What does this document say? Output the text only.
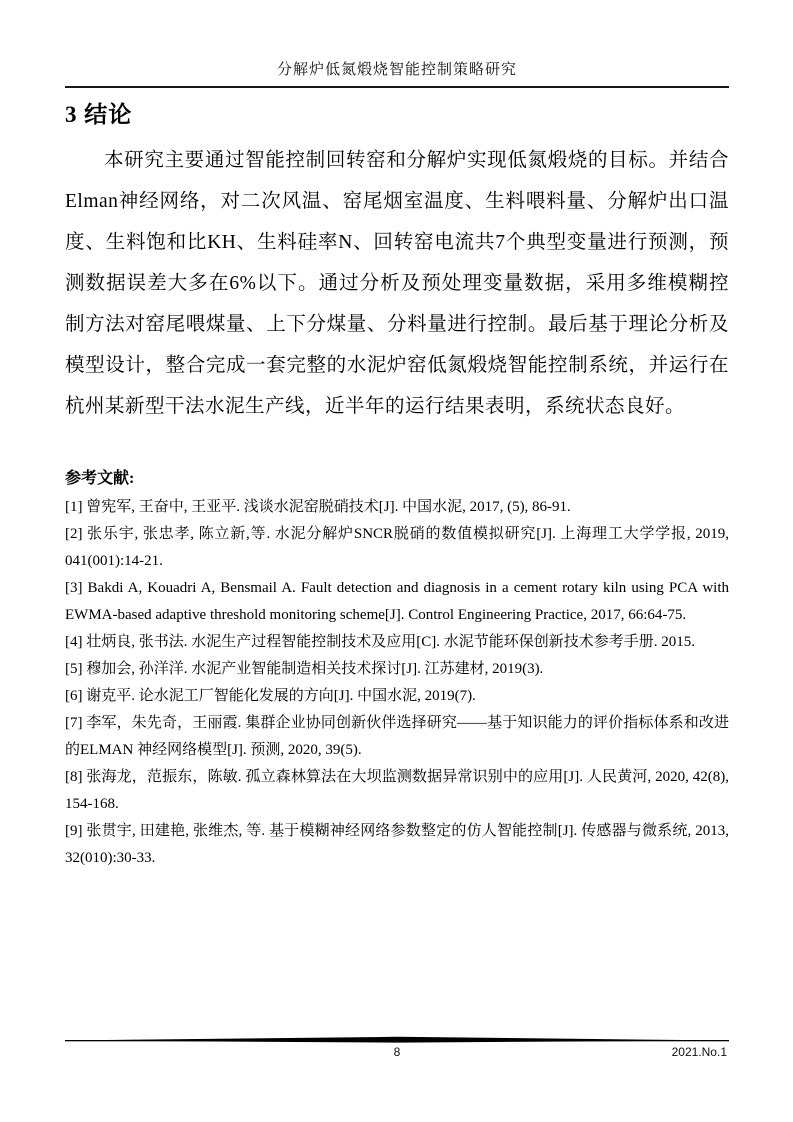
分解炉低氮煅烧智能控制策略研究
3 结论

本研究主要通过智能控制回转窑和分解炉实现低氮煅烧的目标。并结合Elman神经网络，对二次风温、窑尾烟室温度、生料喂料量、分解炉出口温度、生料饱和比KH、生料硅率N、回转窑电流共7个典型变量进行预测，预测数据误差大多在6%以下。通过分析及预处理变量数据，采用多维模糊控制方法对窑尾喂煤量、上下分煤量、分料量进行控制。最后基于理论分析及模型设计，整合完成一套完整的水泥炉窑低氮煅烧智能控制系统，并运行在杭州某新型干法水泥生产线，近半年的运行结果表明，系统状态良好。

参考文献:
[1] 曾宪军, 王奋中, 王亚平. 浅谈水泥窑脱硝技术[J]. 中国水泥, 2017, (5), 86-91.
[2] 张乐宇, 张忠孝, 陈立新,等. 水泥分解炉SNCR脱硝的数值模拟研究[J]. 上海理工大学学报, 2019, 041(001):14-21.
[3] Bakdi A, Kouadri A, Bensmail A. Fault detection and diagnosis in a cement rotary kiln using PCA with EWMA-based adaptive threshold monitoring scheme[J]. Control Engineering Practice, 2017, 66:64-75.
[4] 壮炳良, 张书法. 水泥生产过程智能控制技术及应用[C]. 水泥节能环保创新技术参考手册. 2015.
[5] 穆加会, 孙洋洋. 水泥产业智能制造相关技术探讨[J]. 江苏建材, 2019(3).
[6] 谢克平. 论水泥工厂智能化发展的方向[J]. 中国水泥, 2019(7).
[7] 李军，朱先奇，王丽霞. 集群企业协同创新伙伴选择研究——基于知识能力的评价指标体系和改进的ELMAN 神经网络模型[J]. 预测, 2020, 39(5).
[8] 张海龙，范振东，陈敏. 孤立森林算法在大坝监测数据异常识别中的应用[J]. 人民黄河, 2020, 42(8), 154-168.
[9] 张贯宇, 田建艳, 张维杰, 等. 基于模糊神经网络参数整定的仿人智能控制[J]. 传感器与微系统, 2013, 32(010):30-33.
8	2021.No.1
